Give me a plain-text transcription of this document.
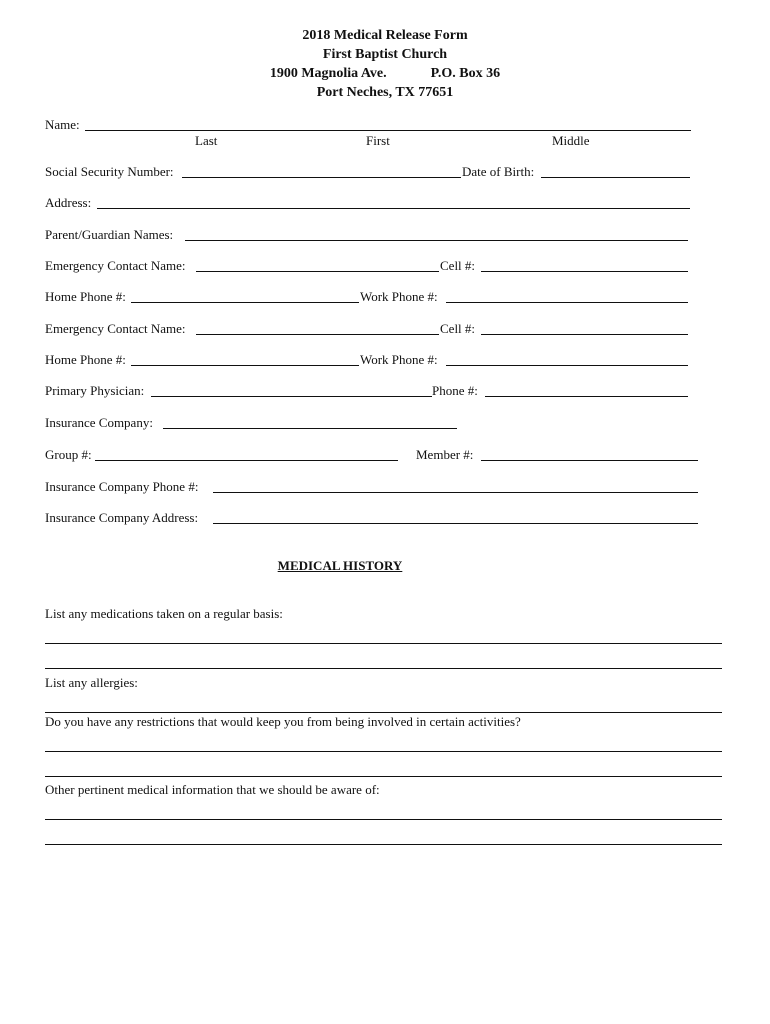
2018 Medical Release Form
First Baptist Church
1900 Magnolia Ave.	P.O. Box 36
Port Neches, TX 77651
Name:
Last	First	Middle
Social Security Number:	Date of Birth:
Address:
Parent/Guardian Names:
Emergency Contact Name:	Cell #:
Home Phone #:	Work Phone #:
Emergency Contact Name:	Cell #:
Home Phone #:	Work Phone #:
Primary Physician:	Phone #:
Insurance Company:
Group #:	Member #:
Insurance Company Phone #:
Insurance Company Address:
MEDICAL HISTORY
List any medications taken on a regular basis:
List any allergies:
Do you have any restrictions that would keep you from being involved in certain activities?
Other pertinent medical information that we should be aware of:
